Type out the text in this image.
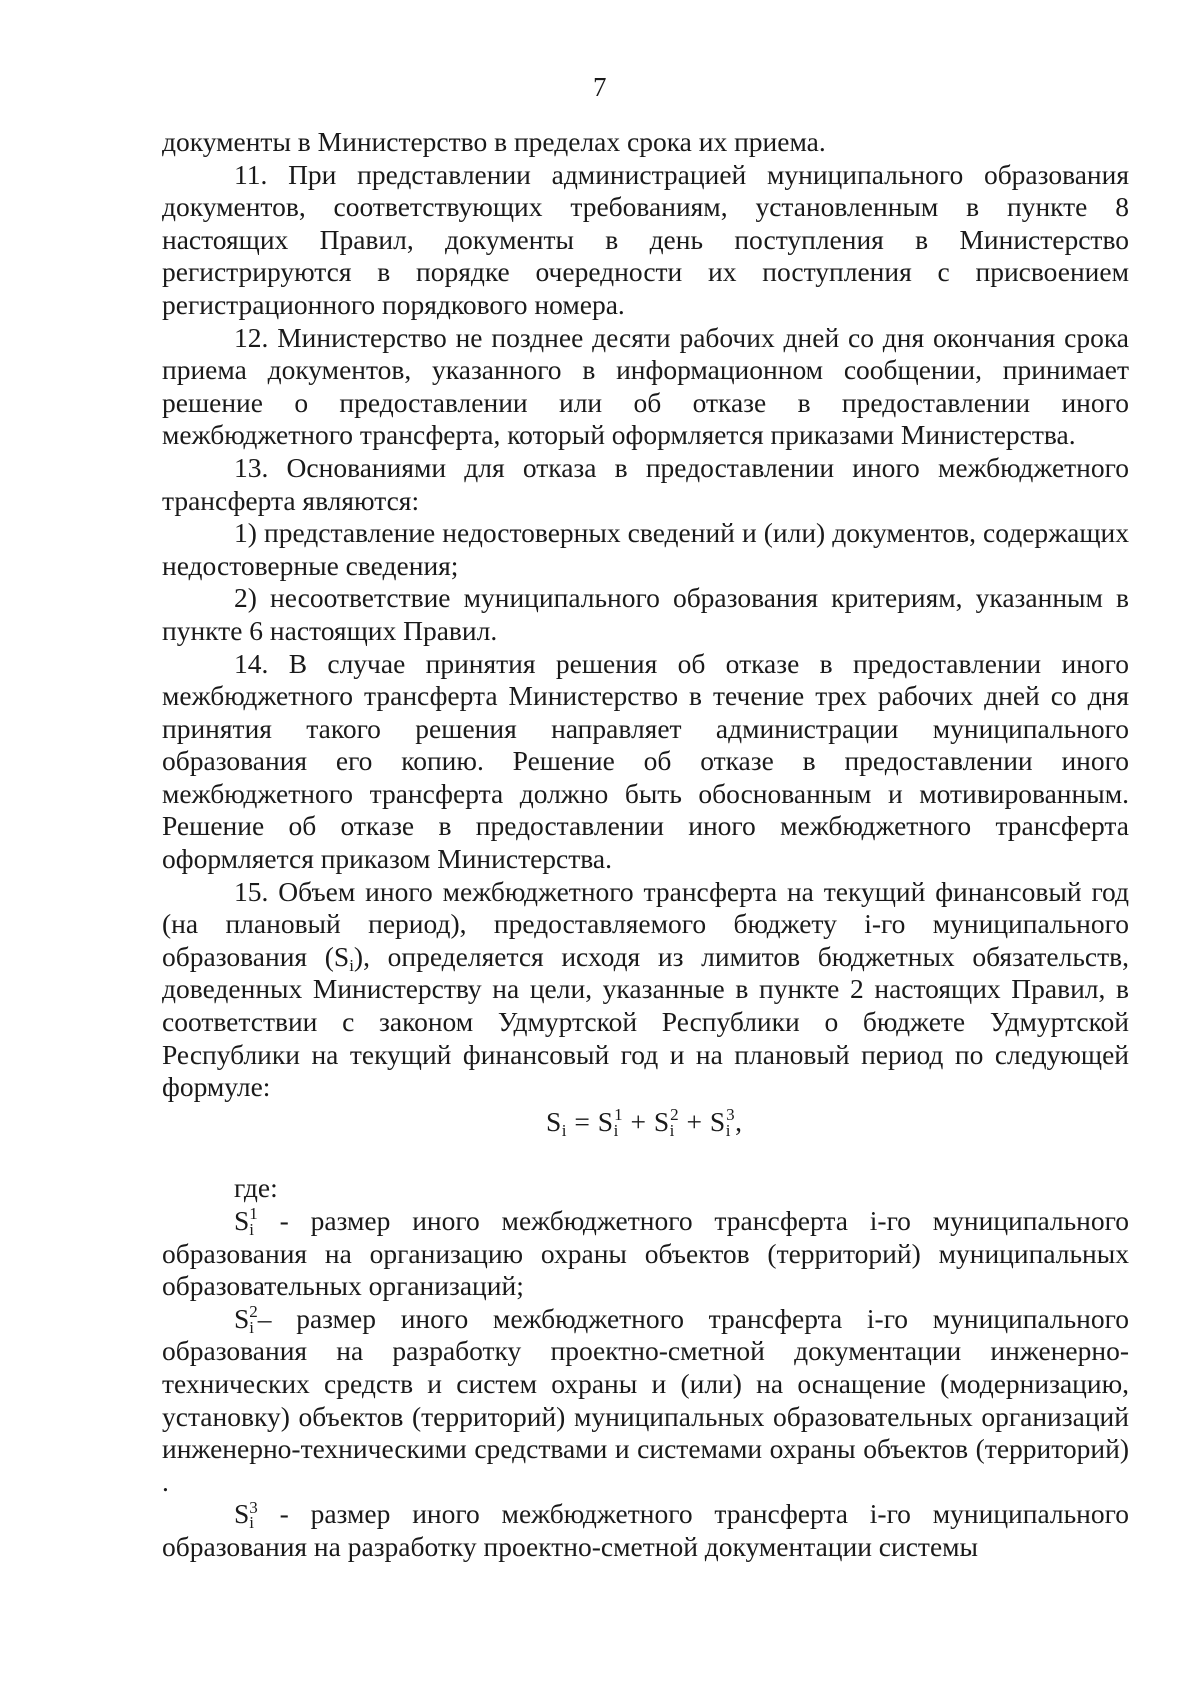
7

документы в Министерство в пределах срока их приема.

11. При представлении администрацией муниципального образования документов, соответствующих требованиям, установленным в пункте 8 настоящих Правил, документы в день поступления в Министерство регистрируются в порядке очередности их поступления с присвоением регистрационного порядкового номера.

12. Министерство не позднее десяти рабочих дней со дня окончания срока приема документов, указанного в информационном сообщении, принимает решение о предоставлении или об отказе в предоставлении иного межбюджетного трансферта, который оформляется приказами Министерства.

13. Основаниями для отказа в предоставлении иного межбюджетного трансферта являются:

1) представление недостоверных сведений и (или) документов, содержащих недостоверные сведения;

2) несоответствие муниципального образования критериям, указанным в пункте 6 настоящих Правил.

14. В случае принятия решения об отказе в предоставлении иного межбюджетного трансферта Министерство в течение трех рабочих дней со дня принятия такого решения направляет администрации муниципального образования его копию. Решение об отказе в предоставлении иного межбюджетного трансферта должно быть обоснованным и мотивированным. Решение об отказе в предоставлении иного межбюджетного трансферта оформляется приказом Министерства.

15. Объем иного межбюджетного трансферта на текущий финансовый год (на плановый период), предоставляемого бюджету i-го муниципального образования $(S_i)$, определяется исходя из лимитов бюджетных обязательств, доведенных Министерству на цели, указанные в пункте 2 настоящих Правил, в соответствии с законом Удмуртской Республики о бюджете Удмуртской Республики на текущий финансовый год и на плановый период по следующей формуле:

$S_i = S_i^1 + S_i^2 + S_i^3$,

где:

$S_i^1$ - размер иного межбюджетного трансферта i-го муниципального образования на организацию охраны объектов (территорий) муниципальных образовательных организаций;

$S_i^2-$ размер иного межбюджетного трансферта i-го муниципального образования на разработку проектно-сметной документации инженерно-технических средств и систем охраны и (или) на оснащение (модернизацию, установку) объектов (территорий) муниципальных образовательных организаций инженерно-техническими средствами и системами охраны объектов (территорий) .

$S_i^3$ - размер иного межбюджетного трансферта i-го муниципального образования на разработку проектно-сметной документации системы
